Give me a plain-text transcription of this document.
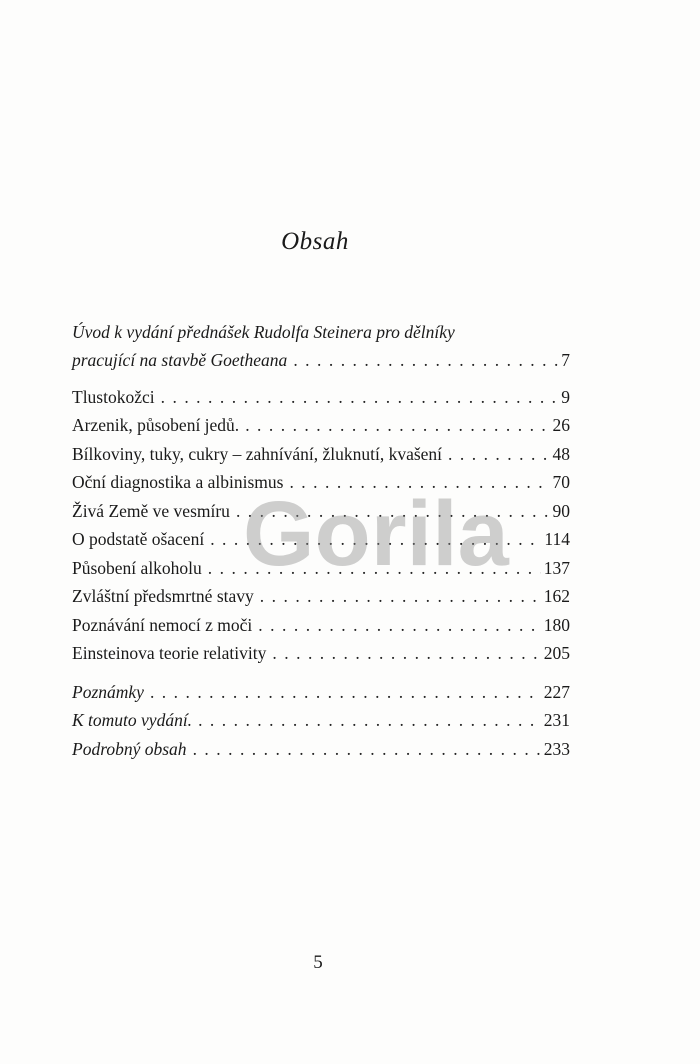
Obsah
Úvod k vydání přednášek Rudolfa Steinera pro dělníky
pracující na stavbě Goetheana . . .	7
Tlustokožci . . .	9
Arzenik, působení jedů. . . .	26
Bílkoviny, tuky, cukry – zahnívání, žluknutí, kvašení . . .	48
Oční diagnostika a albinismus . . .	70
Živá Země ve vesmíru . . .	90
O podstatě ošacení . . .	114
Působení alkoholu . . .	137
Zvláštní předsmrtné stavy . . .	162
Poznávání nemocí z moči . . .	180
Einsteinova teorie relativity . . .	205
Poznámky . . .	227
K tomuto vydání. . . .	231
Podrobný obsah . . .	233
Gorila
5
